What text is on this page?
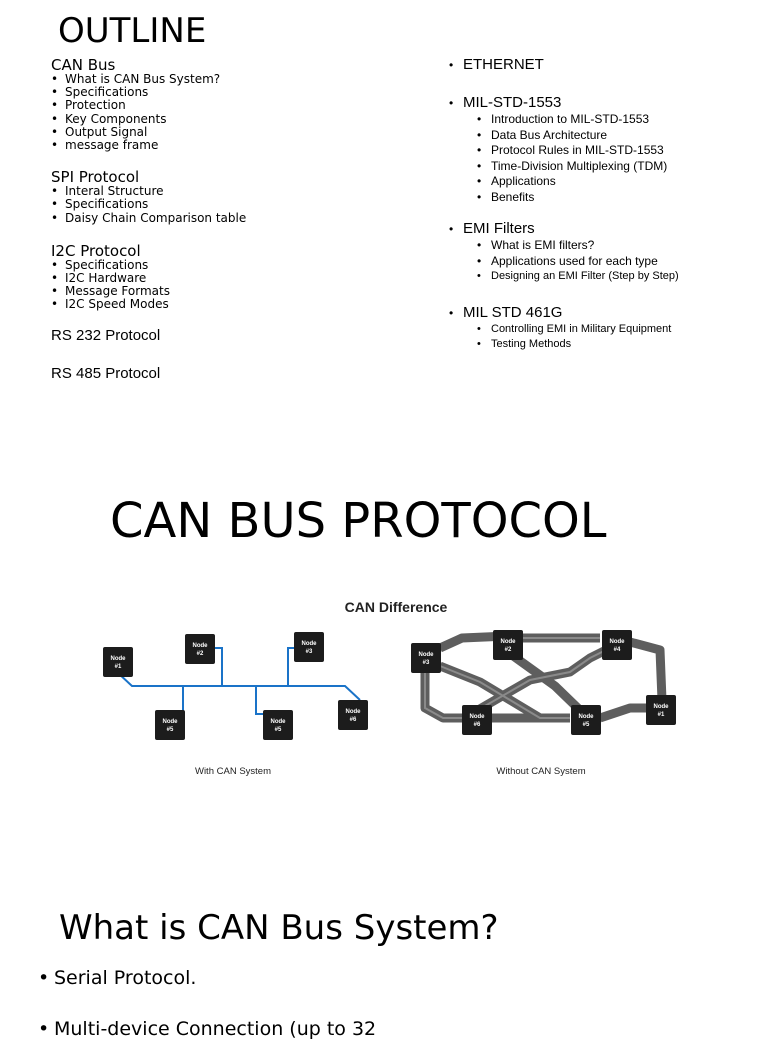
OUTLINE
CAN Bus
• What is CAN Bus System?
• Specifications
• Protection
• Key Components
• Output Signal
• message frame
SPI Protocol
• Interal Structure
• Specifications
• Daisy Chain Comparison table
I2C Protocol
• Specifications
• I2C Hardware
• Message Formats
• I2C Speed Modes
RS 232 Protocol
RS 485 Protocol
• ETHERNET
• MIL-STD-1553
• Introduction to MIL-STD-1553
• Data Bus Architecture
• Protocol Rules in MIL-STD-1553
• Time-Division Multiplexing (TDM)
• Applications
• Benefits
• EMI Filters
• What is EMI filters?
• Applications used for each type
• Designing an EMI Filter (Step by Step)
• MIL STD 461G
• Controlling EMI in Military Equipment
• Testing Methods
CAN BUS PROTOCOL
CAN Difference
Node
#1
Node
#2
Node
#3
Node
#5
Node
#5
Node
#6
Node
#3
Node
#2
Node
#4
Node
#1
Node
#6
Node
#5
With CAN System	Without CAN System
What is CAN Bus System?
• Serial Protocol.
• Multi-device Connection (up to 32
